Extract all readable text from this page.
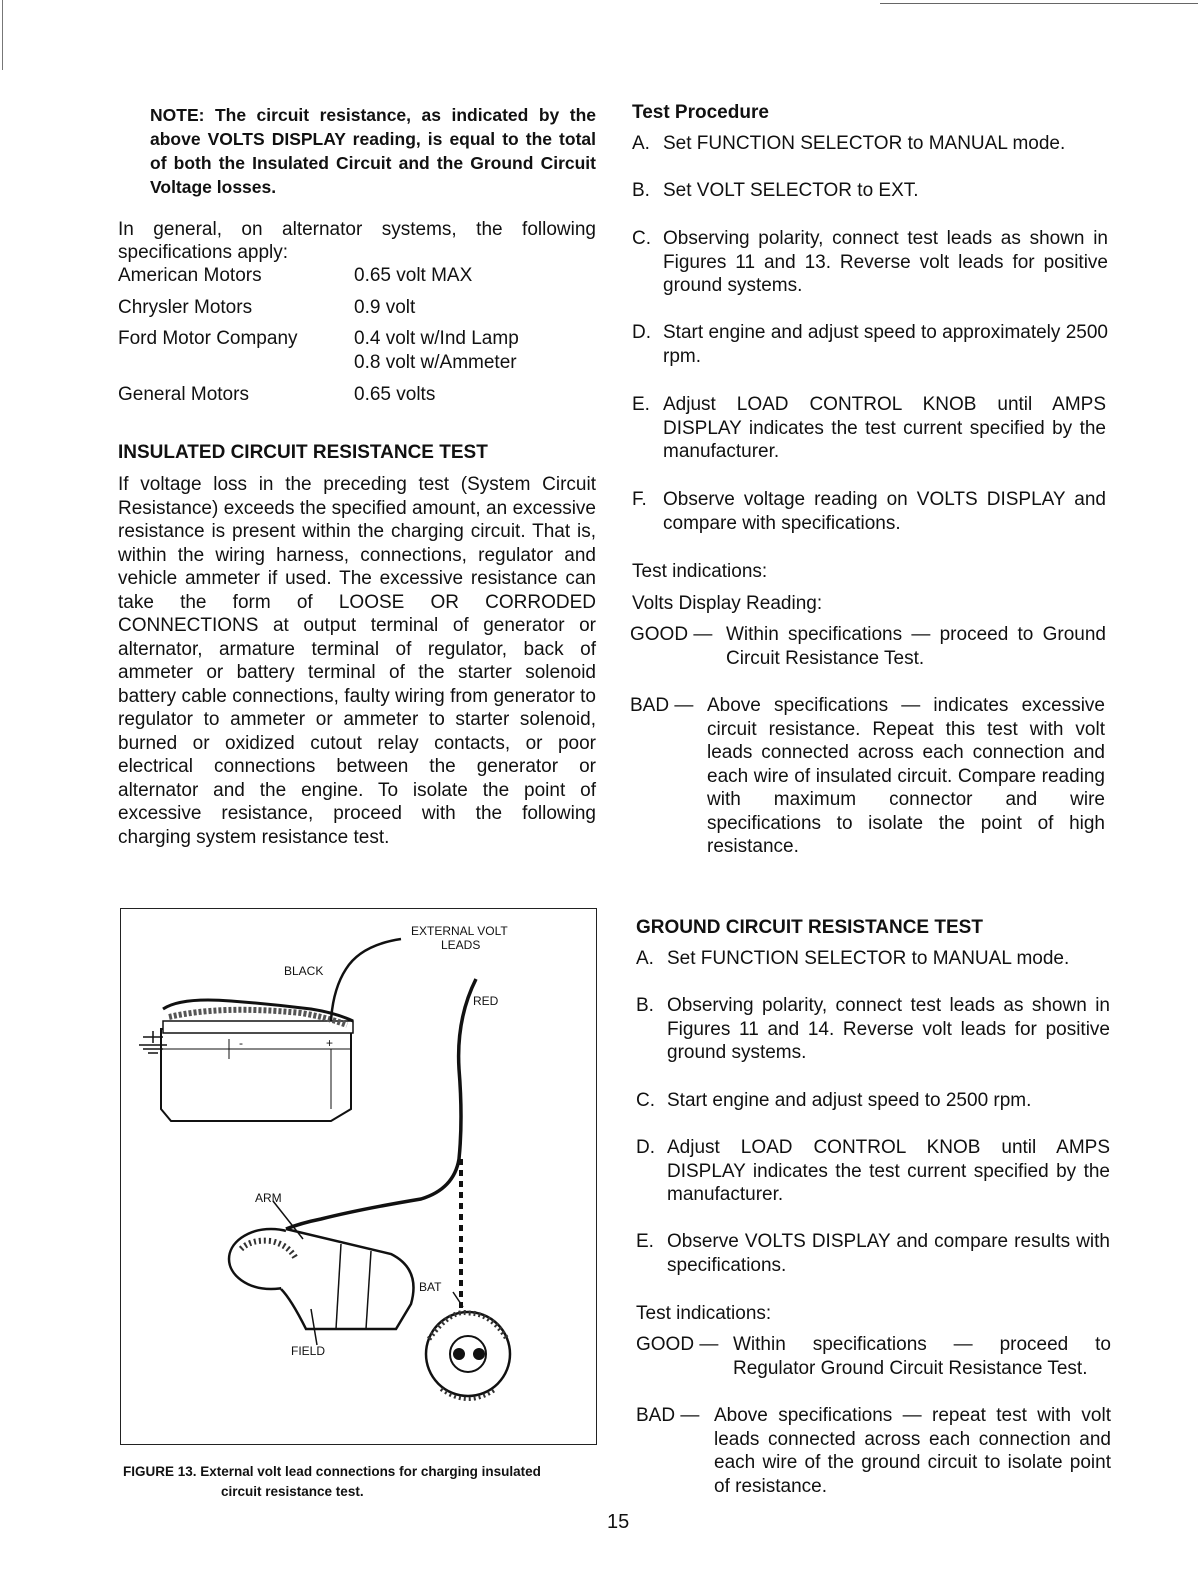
NOTE: The circuit resistance, as indicated by the above VOLTS DISPLAY reading, is equal to the total of both the Insulated Circuit and the Ground Circuit Voltage losses.

In general, on alternator systems, the following specifications apply:

American Motors	0.65 volt MAX
Chrysler Motors	0.9 volt
Ford Motor Company	0.4 volt w/Ind Lamp
0.8 volt w/Ammeter
General Motors	0.65 volts
INSULATED CIRCUIT RESISTANCE TEST

If voltage loss in the preceding test (System Circuit Resistance) exceeds the specified amount, an excessive resistance is present within the charging circuit. That is, within the wiring harness, connections, regulator and vehicle ammeter if used. The excessive resistance can take the form of LOOSE OR CORRODED CONNECTIONS at output terminal of generator or alternator, armature terminal of regulator, back of ammeter or battery terminal of the starter solenoid battery cable connections, faulty wiring from generator to regulator to ammeter or ammeter to starter solenoid, burned or oxidized cutout relay contacts, or poor electrical connections between the generator or alternator and the engine. To isolate the point of excessive resistance, proceed with the following charging system resistance test.

-	+
EXTERNAL VOLT
LEADS
BLACK
RED
ARM
BAT
FIELD
FIGURE 13. External volt lead connections for charging insulated
circuit resistance test.
Test Procedure
A. Set FUNCTION SELECTOR to MANUAL mode.
B. Set VOLT SELECTOR to EXT.
C. Observing polarity, connect test leads as shown in Figures 11 and 13. Reverse volt leads for positive ground systems.
D. Start engine and adjust speed to approximately 2500 rpm.
E. Adjust LOAD CONTROL KNOB until AMPS DISPLAY indicates the test current specified by the manufacturer.
F. Observe voltage reading on VOLTS DISPLAY and compare with specifications.
Test indications:
Volts Display Reading:
GOOD — Within specifications — proceed to Ground Circuit Resistance Test.
BAD — Above specifications — indicates excessive circuit resistance. Repeat this test with volt leads connected across each connection and each wire of insulated circuit. Compare reading with maximum connector and wire specifications to isolate the point of high resistance.
GROUND CIRCUIT RESISTANCE TEST
A. Set FUNCTION SELECTOR to MANUAL mode.
B. Observing polarity, connect test leads as shown in Figures 11 and 14. Reverse volt leads for positive ground systems.
C. Start engine and adjust speed to 2500 rpm.
D. Adjust LOAD CONTROL KNOB until AMPS DISPLAY indicates the test current specified by the manufacturer.
E. Observe VOLTS DISPLAY and compare results with specifications.
Test indications:
GOOD — Within specifications — proceed to Regulator Ground Circuit Resistance Test.
BAD — Above specifications — repeat test with volt leads connected across each connection and each wire of the ground circuit to isolate point of resistance.
15
